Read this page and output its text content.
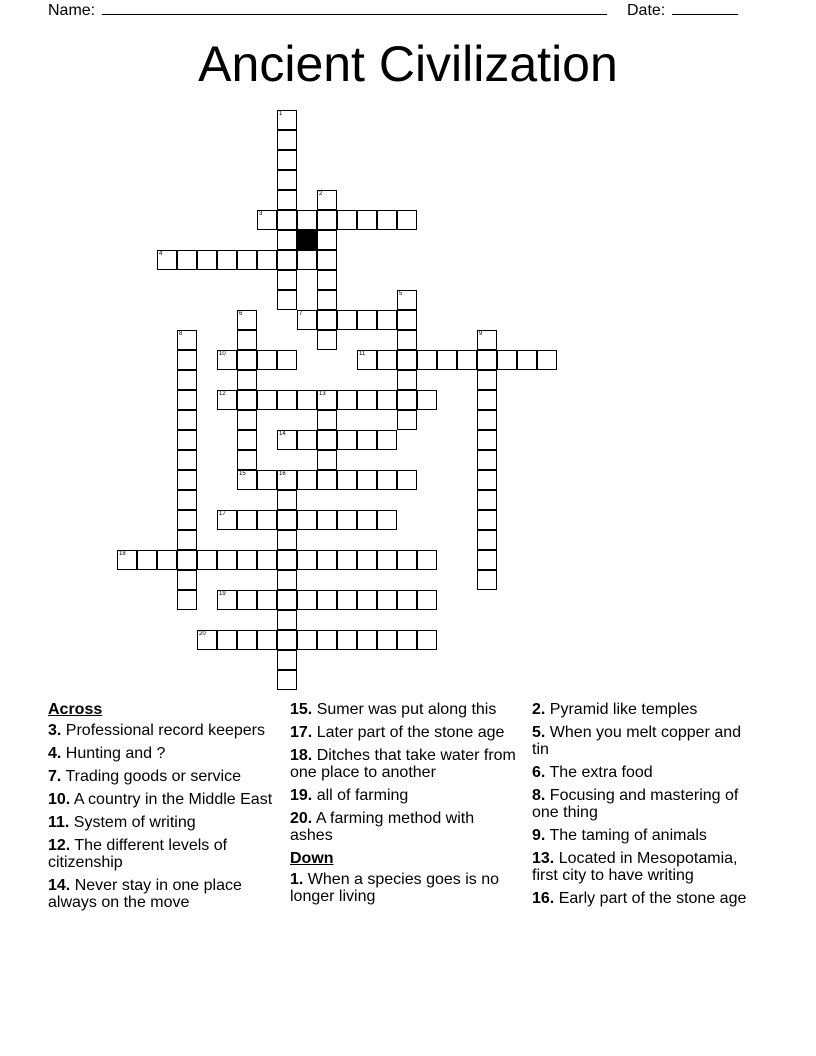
Name:	Date:
Ancient Civilization
3
4
7
10	11
12	13
14
15	16
17
18
19
20
1
2
5
6
8	9
Across
3. Professional record keepers
4. Hunting and ?
7. Trading goods or service
10. A country in the Middle East
11. System of writing
12. The different levels of citizenship
14. Never stay in one place always on the move
15. Sumer was put along this
17. Later part of the stone age
18. Ditches that take water from one place to another
19. all of farming
20. A farming method with ashes
Down
1. When a species goes is no longer living
2. Pyramid like temples
5. When you melt copper and tin
6. The extra food
8. Focusing and mastering of one thing
9. The taming of animals
13. Located in Mesopotamia, first city to have writing
16. Early part of the stone age
